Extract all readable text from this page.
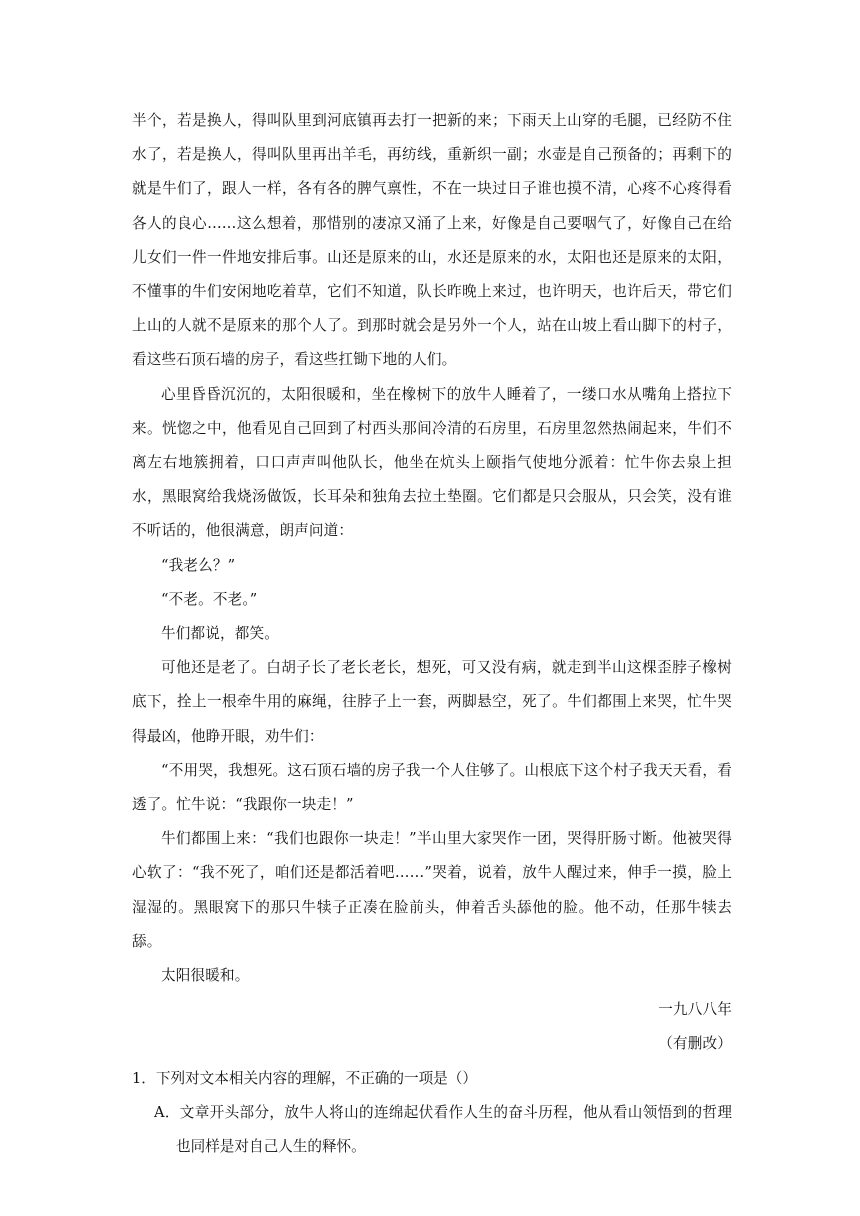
半个，若是换人，得叫队里到河底镇再去打一把新的来；下雨天上山穿的毛腿，已经防不住水了，若是换人，得叫队里再出羊毛，再纺线，重新织一副；水壶是自己预备的；再剩下的就是牛们了，跟人一样，各有各的脾气禀性，不在一块过日子谁也摸不清，心疼不心疼得看各人的良心……这么想着，那惜别的凄凉又涌了上来，好像是自己要咽气了，好像自己在给儿女们一件一件地安排后事。山还是原来的山，水还是原来的水，太阳也还是原来的太阳，不懂事的牛们安闲地吃着草，它们不知道，队长昨晚上来过，也许明天，也许后天，带它们上山的人就不是原来的那个人了。到那时就会是另外一个人，站在山坡上看山脚下的村子，看这些石顶石墙的房子，看这些扛锄下地的人们。

心里昏昏沉沉的，太阳很暖和，坐在橡树下的放牛人睡着了，一缕口水从嘴角上搭拉下来。恍惚之中，他看见自己回到了村西头那间冷清的石房里，石房里忽然热闹起来，牛们不离左右地簇拥着，口口声声叫他队长，他坐在炕头上颐指气使地分派着：忙牛你去泉上担水，黑眼窝给我烧汤做饭，长耳朵和独角去拉土垫圈。它们都是只会服从，只会笑，没有谁不听话的，他很满意，朗声问道：

“我老么？”

“不老。不老。”

牛们都说，都笑。

可他还是老了。白胡子长了老长老长，想死，可又没有病，就走到半山这棵歪脖子橡树底下，拴上一根牵牛用的麻绳，往脖子上一套，两脚悬空，死了。牛们都围上来哭，忙牛哭得最凶，他睁开眼，劝牛们：

“不用哭，我想死。这石顶石墙的房子我一个人住够了。山根底下这个村子我天天看，看透了。忙牛说：“我跟你一块走！”

牛们都围上来：“我们也跟你一块走！”半山里大家哭作一团，哭得肝肠寸断。他被哭得心软了：“我不死了，咱们还是都活着吧……”哭着，说着，放牛人醒过来，伸手一摸，脸上湿湿的。黑眼窝下的那只牛犊子正凑在脸前头，伸着舌头舔他的脸。他不动，任那牛犊去舔。

太阳很暖和。

一九八八年

（有删改）

1．下列对文本相关内容的理解，不正确的一项是（）

A．文章开头部分，放牛人将山的连绵起伏看作人生的奋斗历程，他从看山领悟到的哲理也同样是对自己人生的释怀。
